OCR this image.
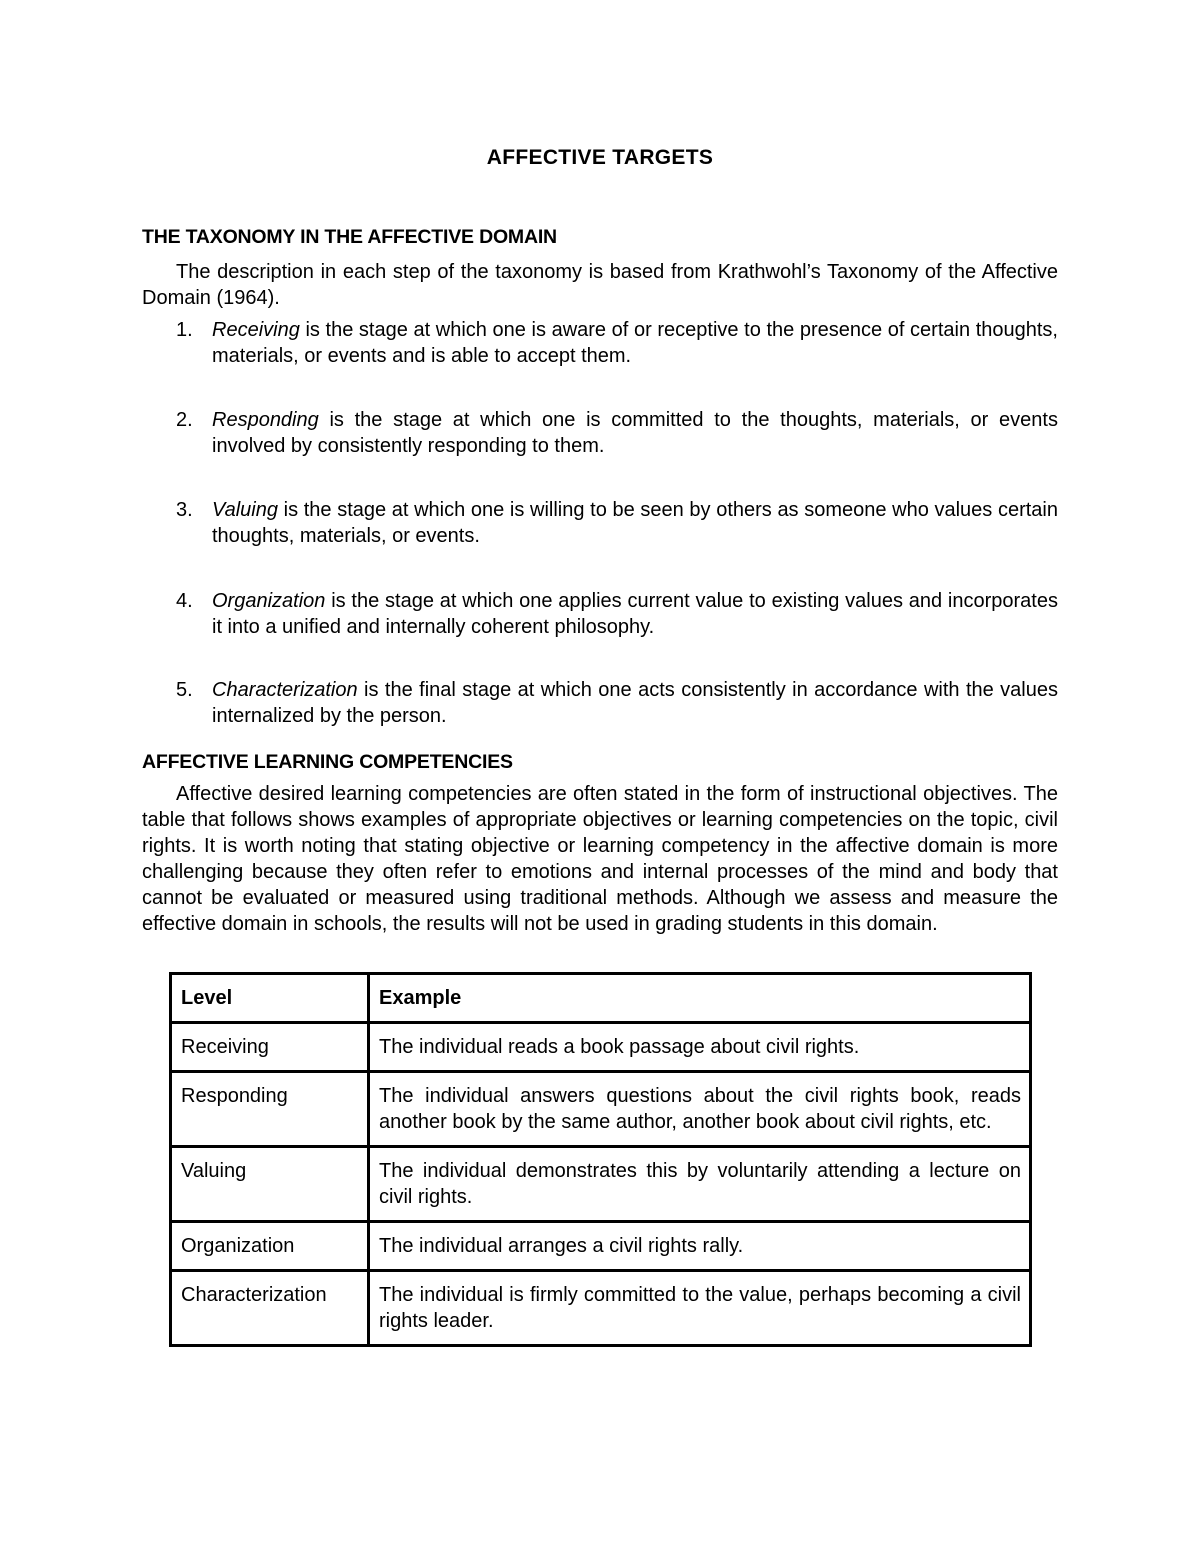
AFFECTIVE TARGETS
THE TAXONOMY IN THE AFFECTIVE DOMAIN

The description in each step of the taxonomy is based from Krathwohl’s Taxonomy of the Affective Domain (1964).

1. Receiving is the stage at which one is aware of or receptive to the presence of certain thoughts, materials, or events and is able to accept them.
2. Responding is the stage at which one is committed to the thoughts, materials, or events involved by consistently responding to them.
3. Valuing is the stage at which one is willing to be seen by others as someone who values certain thoughts, materials, or events.
4. Organization is the stage at which one applies current value to existing values and incorporates it into a unified and internally coherent philosophy.
5. Characterization is the final stage at which one acts consistently in accordance with the values internalized by the person.
AFFECTIVE LEARNING COMPETENCIES

Affective desired learning competencies are often stated in the form of instructional objectives. The table that follows shows examples of appropriate objectives or learning competencies on the topic, civil rights. It is worth noting that stating objective or learning competency in the affective domain is more challenging because they often refer to emotions and internal processes of the mind and body that cannot be evaluated or measured using traditional methods. Although we assess and measure the effective domain in schools, the results will not be used in grading students in this domain.

Level	Example
Receiving	The individual reads a book passage about civil rights.
Responding	The individual answers questions about the civil rights book, reads another book by the same author, another book about civil rights, etc.
Valuing	The individual demonstrates this by voluntarily attending a lecture on civil rights.
Organization	The individual arranges a civil rights rally.
Characterization	The individual is firmly committed to the value, perhaps becoming a civil rights leader.
